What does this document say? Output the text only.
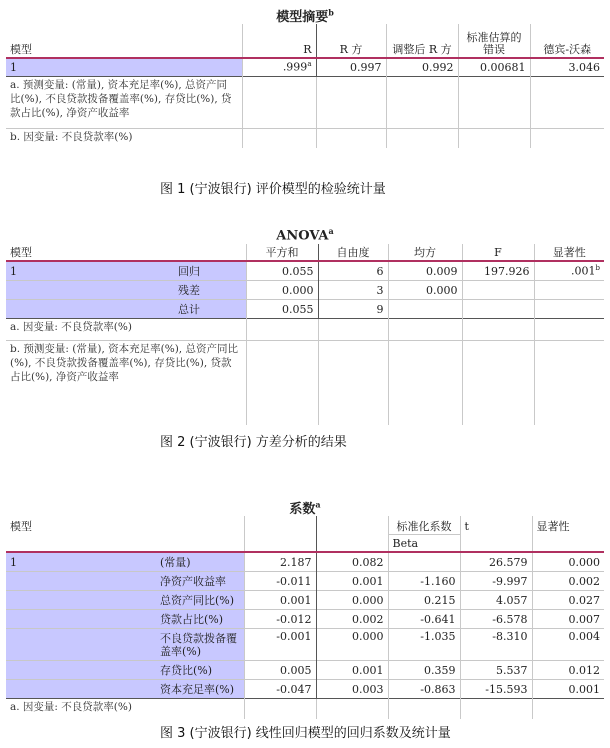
模型摘要$^b$
模型	R	R 方	调整后 R 方	标准估算的错误	德宾-沃森
1	.999$^a$	0.997	0.992	0.00681	3.046
a. 预测变量: (常量), 资本充足率(%), 总资产同比(%), 不良贷款拨备覆盖率(%), 存贷比(%), 贷款占比(%), 净资产收益率					
b. 因变量: 不良贷款率(%)					
图 1 (宁波银行) 评价模型的检验统计量
ANOVA$^a$
模型		平方和	自由度	均方	F	显著性
1	回归	0.055	6	0.009	197.926	.001$^b$
	残差	0.000	3	0.000		
	总计	0.055	9			
a. 因变量: 不良贷款率(%)						
b. 预测变量: (常量), 资本充足率(%), 总资产同比(%), 不良贷款拨备覆盖率(%), 存贷比(%), 贷款占比(%), 净资产收益率						
图 2 (宁波银行) 方差分析的结果
系数$^a$
模型				标准化系数	t	显著性
				Beta		
1	(常量)	2.187	0.082		26.579	0.000
	净资产收益率	-0.011	0.001	-1.160	-9.997	0.002
	总资产同比(%)	0.001	0.000	0.215	4.057	0.027
	贷款占比(%)	-0.012	0.002	-0.641	-6.578	0.007
	不良贷款拨备覆盖率(%)	-0.001	0.000	-1.035	-8.310	0.004
	存贷比(%)	0.005	0.001	0.359	5.537	0.012
	资本充足率(%)	-0.047	0.003	-0.863	-15.593	0.001
a. 因变量: 不良贷款率(%)						
图 3 (宁波银行) 线性回归模型的回归系数及统计量
